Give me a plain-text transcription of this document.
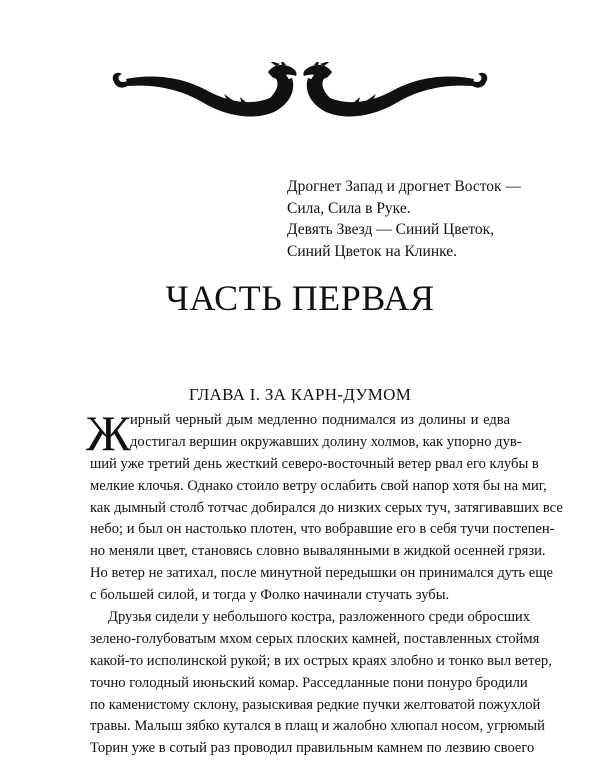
Дрогнет Запад и дрогнет Восток —
Сила, Сила в Руке.
Девять Звезд — Синий Цветок,
Синий Цветок на Клинке.
ЧАСТЬ ПЕРВАЯ
ГЛАВА I. ЗА КАРН-ДУМОМ
Ж ирный черный дым медленно поднимался из долины и едва
достигал вершин окружавших долину холмов, как упорно дув-
ший уже третий день жесткий северо-восточный ветер рвал его клубы в
мелкие клочья. Однако стоило ветру ослабить свой напор хотя бы на миг,
как дымный столб тотчас добирался до низких серых туч, затягивавших все
небо; и был он настолько плотен, что вобравшие его в себя тучи постепен-
но меняли цвет, становясь словно вывалянными в жидкой осенней грязи.
Но ветер не затихал, после минутной передышки он принимался дуть еще
с большей силой, и тогда у Фолко начинали стучать зубы.
Друзья сидели у небольшого костра, разложенного среди обросших
зелено-голубоватым мхом серых плоских камней, поставленных стоймя
какой-то исполинской рукой; в их острых краях злобно и тонко выл ветер,
точно голодный июньский комар. Расседланные пони понуро бродили
по каменистому склону, разыскивая редкие пучки желтоватой пожухлой
травы. Малыш зябко кутался в плащ и жалобно хлюпал носом, угрюмый
Торин уже в сотый раз проводил правильным камнем по лезвию своего
